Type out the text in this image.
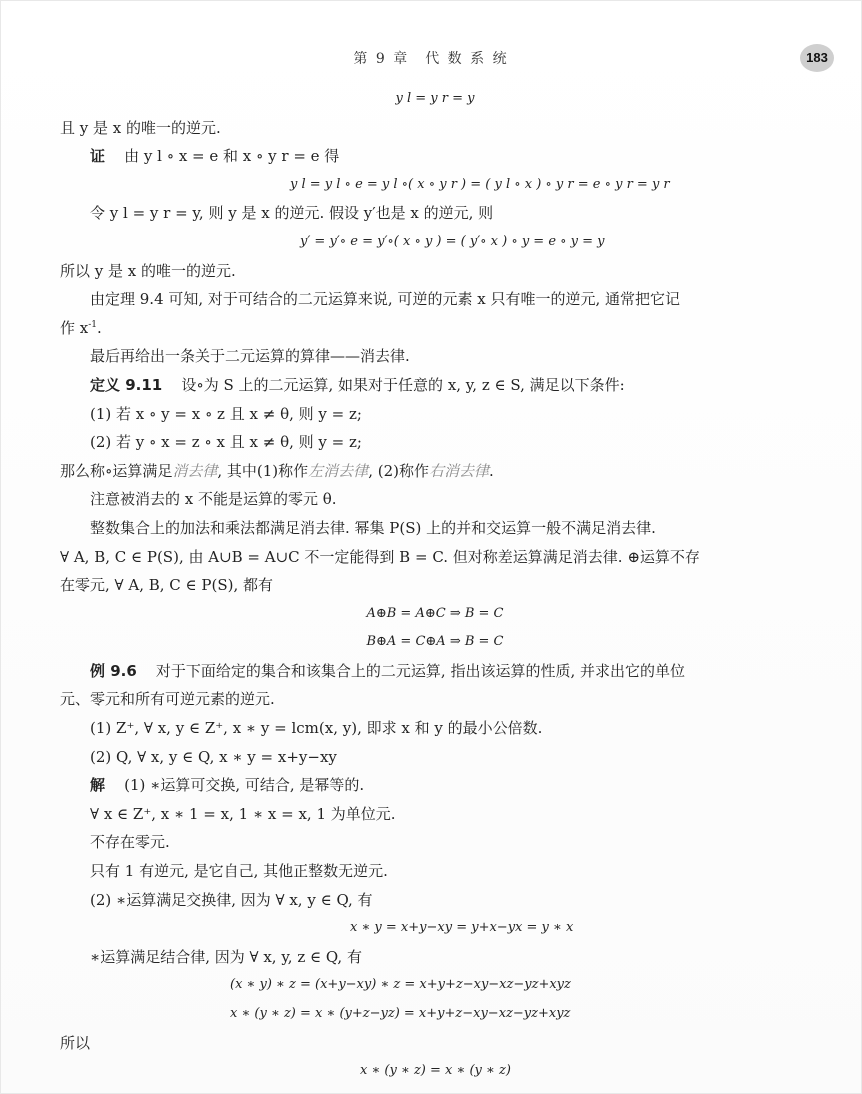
第 9 章　代 数 系 统	183
y l = y r = y
且 y 是 x 的唯一的逆元.
证 由 y l ∘ x = e 和 x ∘ y r = e 得
y l = y l ∘ e = y l ∘( x ∘ y r ) = ( y l ∘ x ) ∘ y r = e ∘ y r = y r
令 y l = y r = y, 则 y 是 x 的逆元. 假设 y′也是 x 的逆元, 则
y′ = y′∘ e = y′∘( x ∘ y ) = ( y′∘ x ) ∘ y = e ∘ y = y
所以 y 是 x 的唯一的逆元.
由定理 9.4 可知, 对于可结合的二元运算来说, 可逆的元素 x 只有唯一的逆元, 通常把它记
作 $x^{-1}$.
最后再给出一条关于二元运算的算律——消去律.
定义 9.11 设∘为 S 上的二元运算, 如果对于任意的 x, y, z ∈ S, 满足以下条件:
(1) 若 x ∘ y = x ∘ z 且 x ≠ θ, 则 y = z;
(2) 若 y ∘ x = z ∘ x 且 x ≠ θ, 则 y = z;
那么称∘运算满足消去律, 其中(1)称作左消去律, (2)称作右消去律.
注意被消去的 x 不能是运算的零元 θ.
整数集合上的加法和乘法都满足消去律. 幂集 P(S) 上的并和交运算一般不满足消去律.
∀ A, B, C ∈ P(S), 由 A∪B = A∪C 不一定能得到 B = C. 但对称差运算满足消去律. ⊕运算不存
在零元, ∀ A, B, C ∈ P(S), 都有
A⊕B = A⊕C ⇒ B = C
B⊕A = C⊕A ⇒ B = C
例 9.6 对于下面给定的集合和该集合上的二元运算, 指出该运算的性质, 并求出它的单位
元、零元和所有可逆元素的逆元.
(1) Z⁺, ∀ x, y ∈ Z⁺, x ∗ y = lcm(x, y), 即求 x 和 y 的最小公倍数.
(2) Q, ∀ x, y ∈ Q, x ∗ y = x+y−xy
解 (1) ∗运算可交换, 可结合, 是幂等的.
∀ x ∈ Z⁺, x ∗ 1 = x, 1 ∗ x = x, 1 为单位元.
不存在零元.
只有 1 有逆元, 是它自己, 其他正整数无逆元.
(2) ∗运算满足交换律, 因为 ∀ x, y ∈ Q, 有
x ∗ y = x+y−xy = y+x−yx = y ∗ x
∗运算满足结合律, 因为 ∀ x, y, z ∈ Q, 有
(x ∗ y) ∗ z = (x+y−xy) ∗ z = x+y+z−xy−xz−yz+xyz
x ∗ (y ∗ z) = x ∗ (y+z−yz) = x+y+z−xy−xz−yz+xyz
所以
x ∗ (y ∗ z) = x ∗ (y ∗ z)
